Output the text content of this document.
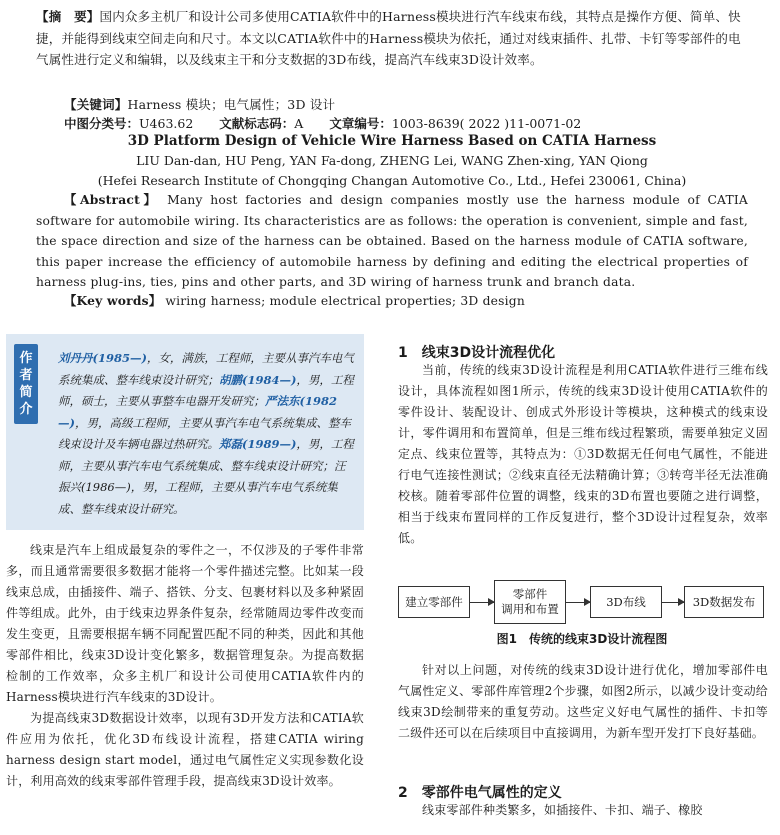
【摘　要】国内众多主机厂和设计公司多使用CATIA软件中的Harness模块进行汽车线束布线，其特点是操作方便、简单、快捷，并能得到线束空间走向和尺寸。本文以CATIA软件中的Harness模块为依托，通过对线束插件、扎带、卡钉等零部件的电气属性进行定义和编辑，以及线束主干和分支数据的3D布线，提高汽车线束3D设计效率。

【关键词】Harness 模块；电气属性；3D 设计

中图分类号：U463.62 文献标志码：A 文章编号：1003-8639( 2022 )11-0071-02
3D Platform Design of Vehicle Wire Harness Based on CATIA Harness
LIU Dan-dan, HU Peng, YAN Fa-dong, ZHENG Lei, WANG Zhen-xing, YAN Qiong
(Hefei Research Institute of Chongqing Changan Automotive Co., Ltd., Hefei 230061, China)

【Abstract】 Many host factories and design companies mostly use the harness module of CATIA software for automobile wiring. Its characteristics are as follows: the operation is convenient, simple and fast, the space direction and size of the harness can be obtained. Based on the harness module of CATIA software, this paper increase the efficiency of automobile harness by defining and editing the electrical properties of harness plug-ins, ties, pins and other parts, and 3D wiring of harness trunk and branch data.

【Key words】 wiring harness; module electrical properties; 3D design

作
者
简
介
刘丹丹(1985—)，女，满族，工程师，主要从事汽车电气系统集成、整车线束设计研究；胡鹏(1984—)，男，工程师，硕士，主要从事整车电器开发研究；严法东(1982—)，男，高级工程师，主要从事汽车电气系统集成、整车线束设计及车辆电器过热研究。郑磊(1989—)，男，工程师，主要从事汽车电气系统集成、整车线束设计研究；汪振兴(1986—)，男，工程师，主要从事汽车电气系统集成、整车线束设计研究。

线束是汽车上组成最复杂的零件之一，不仅涉及的子零件非常多，而且通常需要很多数据才能将一个零件描述完整。比如某一段线束总成，由插接件、端子、搭铁、分支、包裹材料以及多种紧固件等组成。此外，由于线束边界条件复杂，经常随周边零件改变而发生变更，且需要根据车辆不同配置匹配不同的种类，因此和其他零部件相比，线束3D设计变化繁多，数据管理复杂。为提高数据检制的工作效率，众多主机厂和设计公司使用CATIA软件内的Harness模块进行汽车线束的3D设计。

为提高线束3D数据设计效率，以现有3D开发方法和CATIA软件应用为依托，优化3D布线设计流程，搭建CATIA wiring harness design start model，通过电气属性定义实现参数化设计，利用高效的线束零部件管理手段，提高线束3D设计效率。

1 线束3D设计流程优化

当前，传统的线束3D设计流程是利用CATIA软件进行三维布线设计，具体流程如图1所示，传统的线束3D设计使用CATIA软件的零件设计、装配设计、创成式外形设计等模块，这种模式的线束设计，零件调用和布置简单，但是三维布线过程繁琐，需要单独定义固定点、线束位置等，其特点为：①3D数据无任何电气属性，不能进行电气连接性测试；②线束直径无法精确计算；③转弯半径无法准确校核。随着零部件位置的调整，线束的3D布置也要随之进行调整，相当于线束布置同样的工作反复进行，整个3D设计过程复杂，效率低。

建立零部件
零部件
调用和布置
3D布线	3D数据发布
图1 传统的线束3D设计流程图

针对以上问题，对传统的线束3D设计进行优化，增加零部件电气属性定义、零部件库管理2个步骤，如图2所示，以减少设计变动给线束3D绘制带来的重复劳动。这些定义好电气属性的插件、卡扣等二级件还可以在后续项目中直接调用，为新车型开发打下良好基础。

2 零部件电气属性的定义

线束零部件种类繁多，如插接件、卡扣、端子、橡胶
